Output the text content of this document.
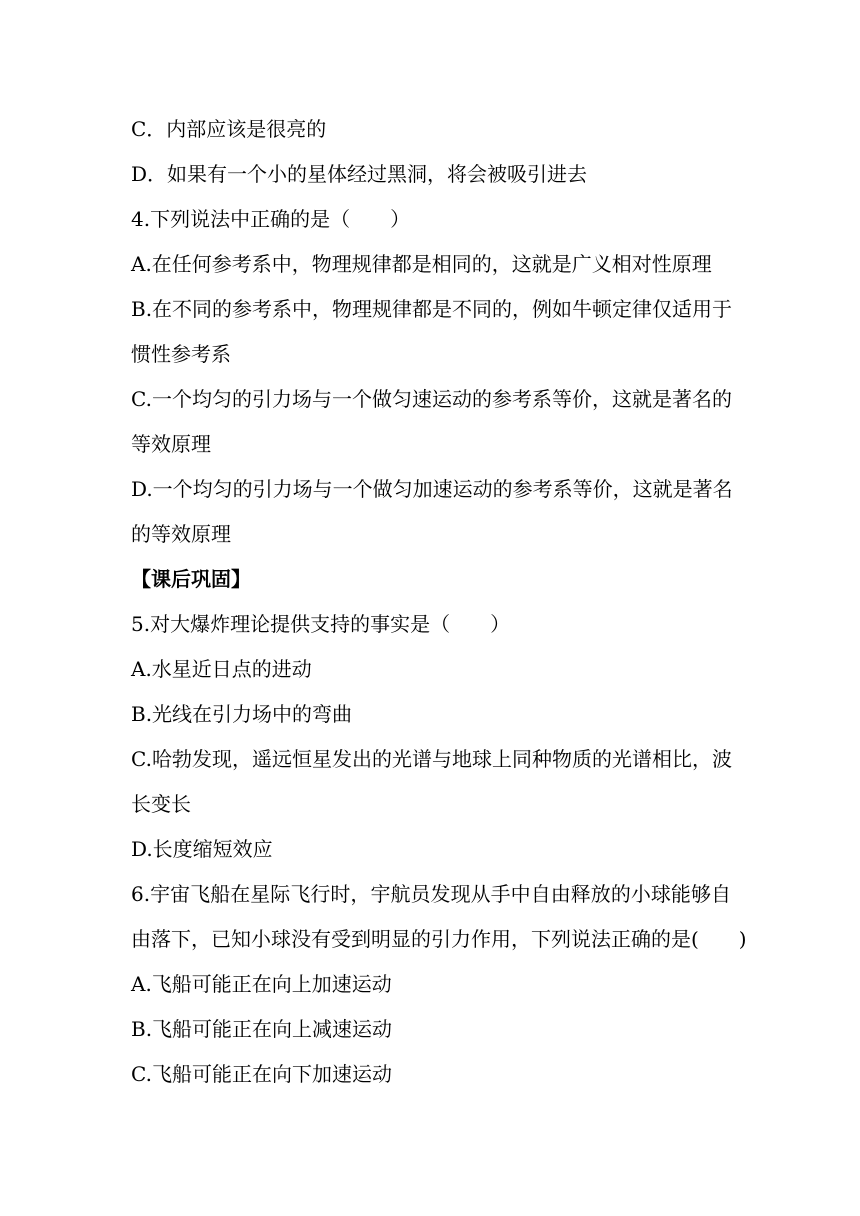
C．内部应该是很亮的
D．如果有一个小的星体经过黑洞，将会被吸引进去
4.下列说法中正确的是（　　）
A.在任何参考系中，物理规律都是相同的，这就是广义相对性原理
B.在不同的参考系中，物理规律都是不同的，例如牛顿定律仅适用于
惯性参考系
C.一个均匀的引力场与一个做匀速运动的参考系等价，这就是著名的
等效原理
D.一个均匀的引力场与一个做匀加速运动的参考系等价，这就是著名
的等效原理
【课后巩固】
5.对大爆炸理论提供支持的事实是（　　）
A.水星近日点的进动
B.光线在引力场中的弯曲
C.哈勃发现，遥远恒星发出的光谱与地球上同种物质的光谱相比，波
长变长
D.长度缩短效应
6.宇宙飞船在星际飞行时，宇航员发现从手中自由释放的小球能够自
由落下，已知小球没有受到明显的引力作用，下列说法正确的是(　　)
A.飞船可能正在向上加速运动
B.飞船可能正在向上减速运动
C.飞船可能正在向下加速运动
